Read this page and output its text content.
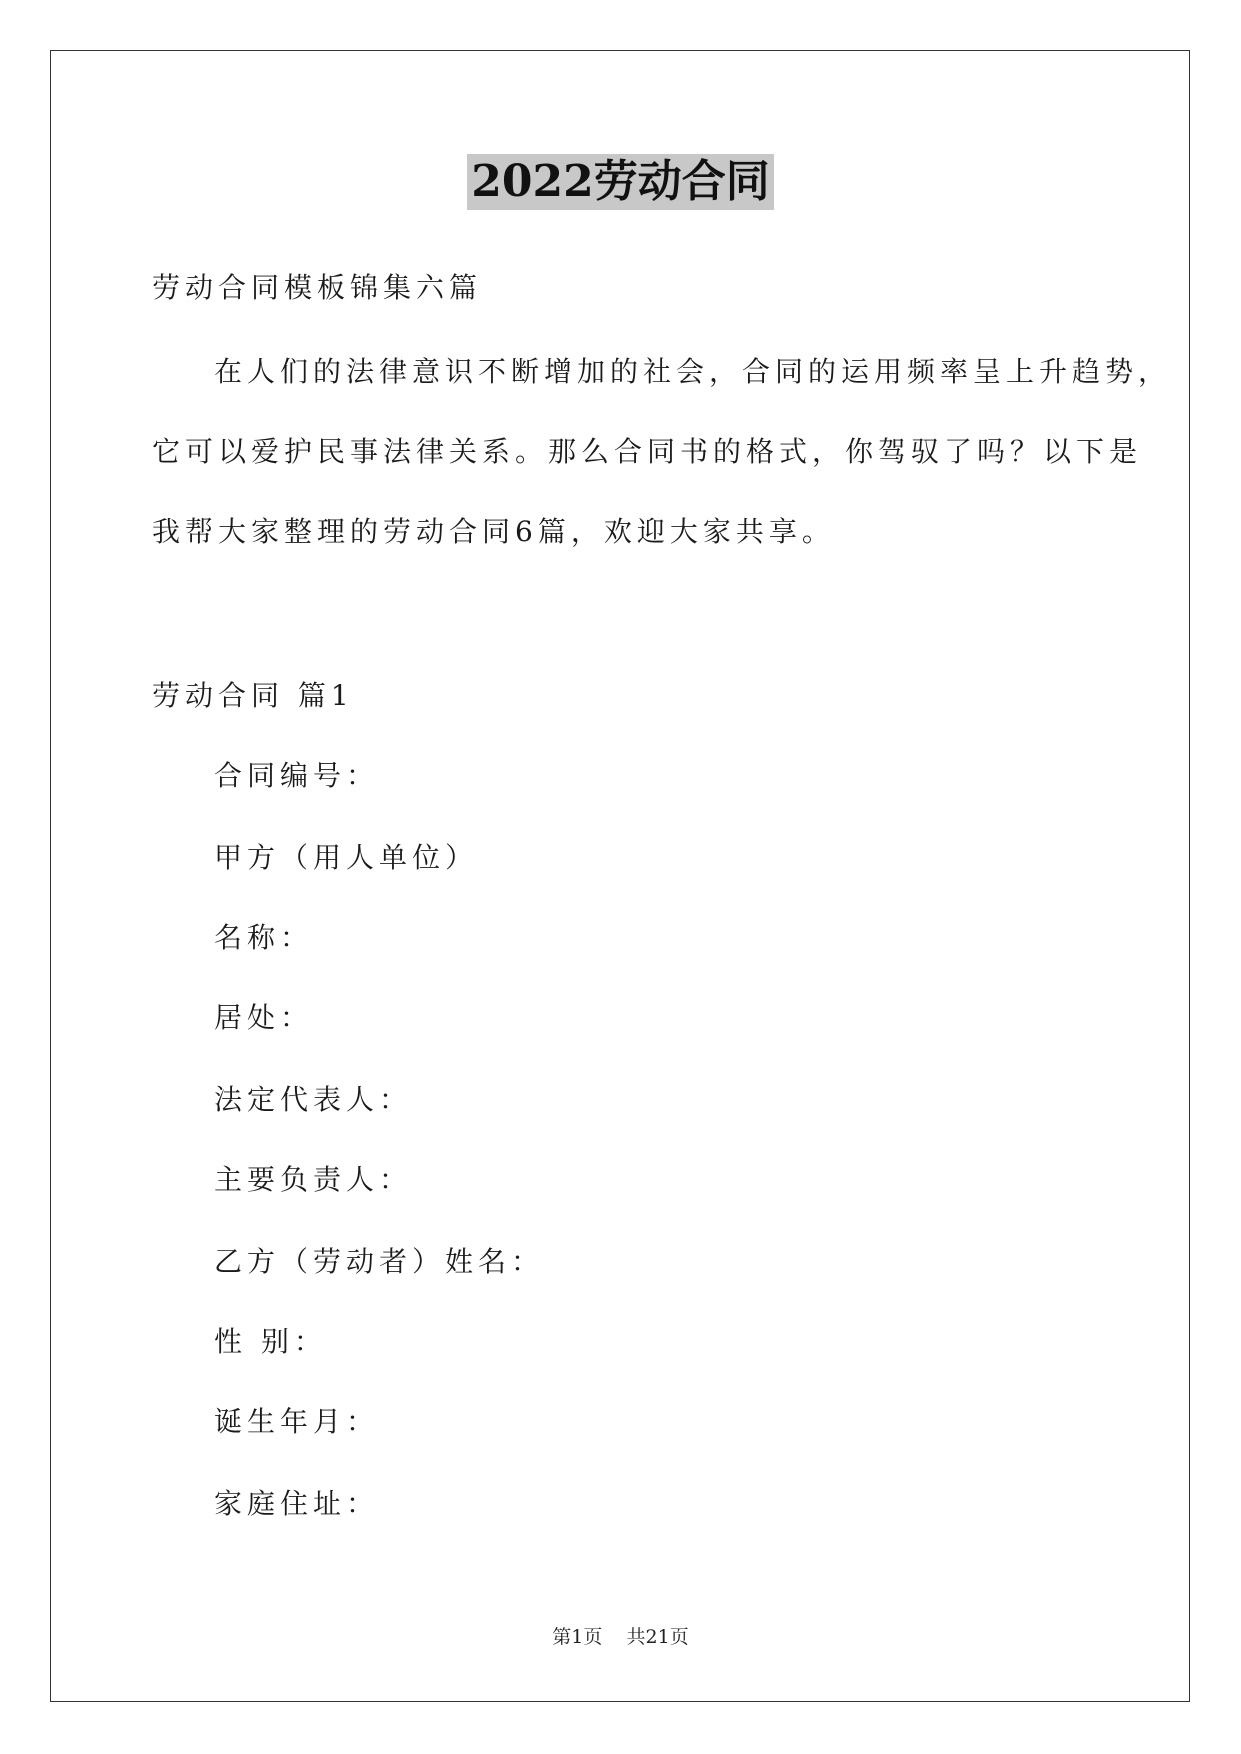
2022劳动合同
劳动合同模板锦集六篇
在人们的法律意识不断增加的社会，合同的运用频率呈上升趋势，
它可以爱护民事法律关系。那么合同书的格式，你驾驭了吗？以下是
我帮大家整理的劳动合同6篇，欢迎大家共享。
劳动合同 篇1
合同编号：
甲方（用人单位）
名称：
居处：
法定代表人：
主要负责人：
乙方（劳动者）姓名：
性 别：
诞生年月：
家庭住址：
第1页    共21页
